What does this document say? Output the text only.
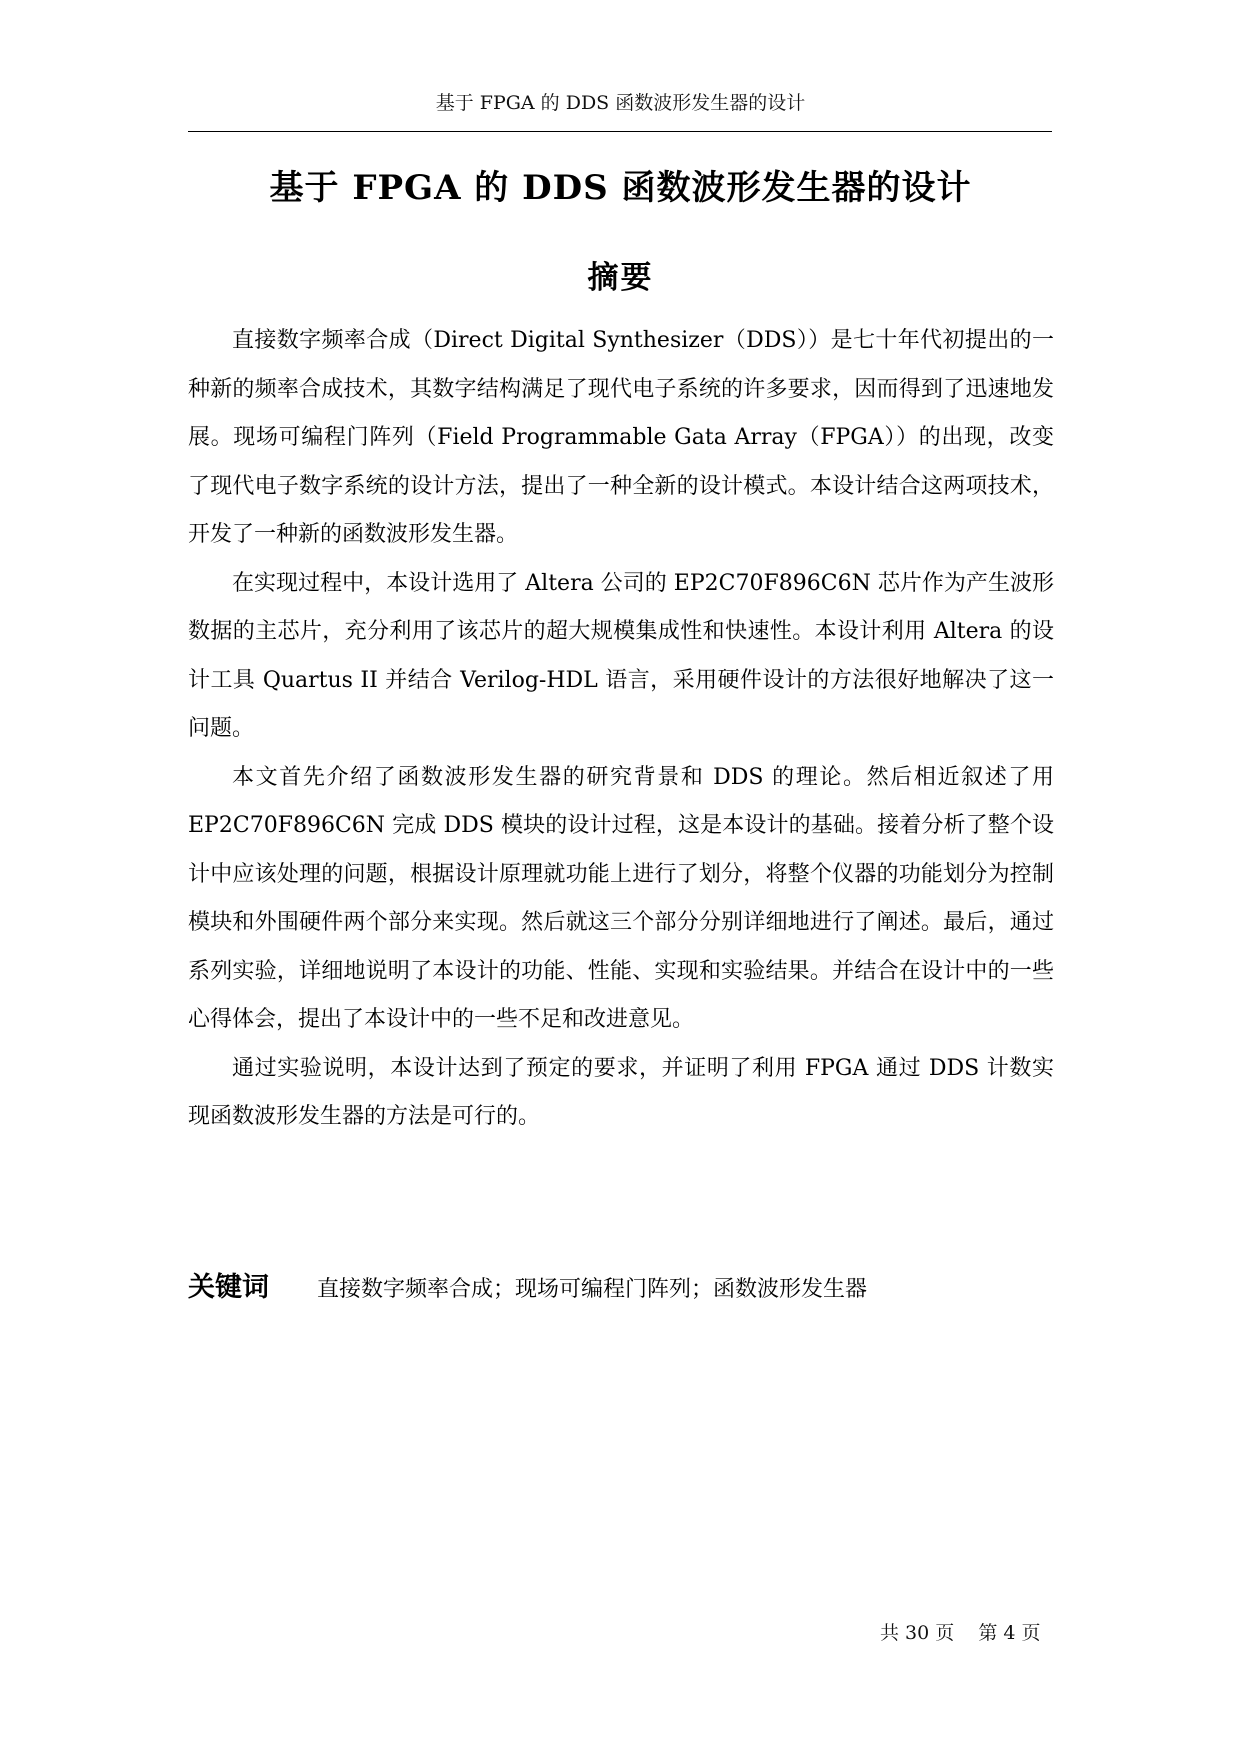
基于 FPGA 的 DDS 函数波形发生器的设计
基于 FPGA 的 DDS 函数波形发生器的设计
摘要

直接数字频率合成（Direct Digital Synthesizer（DDS））是七十年代初提出的一种新的频率合成技术，其数字结构满足了现代电子系统的许多要求，因而得到了迅速地发展。现场可编程门阵列（Field Programmable Gata Array（FPGA））的出现，改变了现代电子数字系统的设计方法，提出了一种全新的设计模式。本设计结合这两项技术，开发了一种新的函数波形发生器。

在实现过程中，本设计选用了 Altera 公司的 EP2C70F896C6N 芯片作为产生波形数据的主芯片，充分利用了该芯片的超大规模集成性和快速性。本设计利用 Altera 的设计工具 Quartus II 并结合 Verilog-HDL 语言，采用硬件设计的方法很好地解决了这一问题。

本文首先介绍了函数波形发生器的研究背景和 DDS 的理论。然后相近叙述了用 EP2C70F896C6N 完成 DDS 模块的设计过程，这是本设计的基础。接着分析了整个设计中应该处理的问题，根据设计原理就功能上进行了划分，将整个仪器的功能划分为控制模块和外围硬件两个部分来实现。然后就这三个部分分别详细地进行了阐述。最后，通过系列实验，详细地说明了本设计的功能、性能、实现和实验结果。并结合在设计中的一些心得体会，提出了本设计中的一些不足和改进意见。

通过实验说明，本设计达到了预定的要求，并证明了利用 FPGA 通过 DDS 计数实现函数波形发生器的方法是可行的。

关键词 直接数字频率合成；现场可编程门阵列；函数波形发生器
共 30 页 第 4 页
